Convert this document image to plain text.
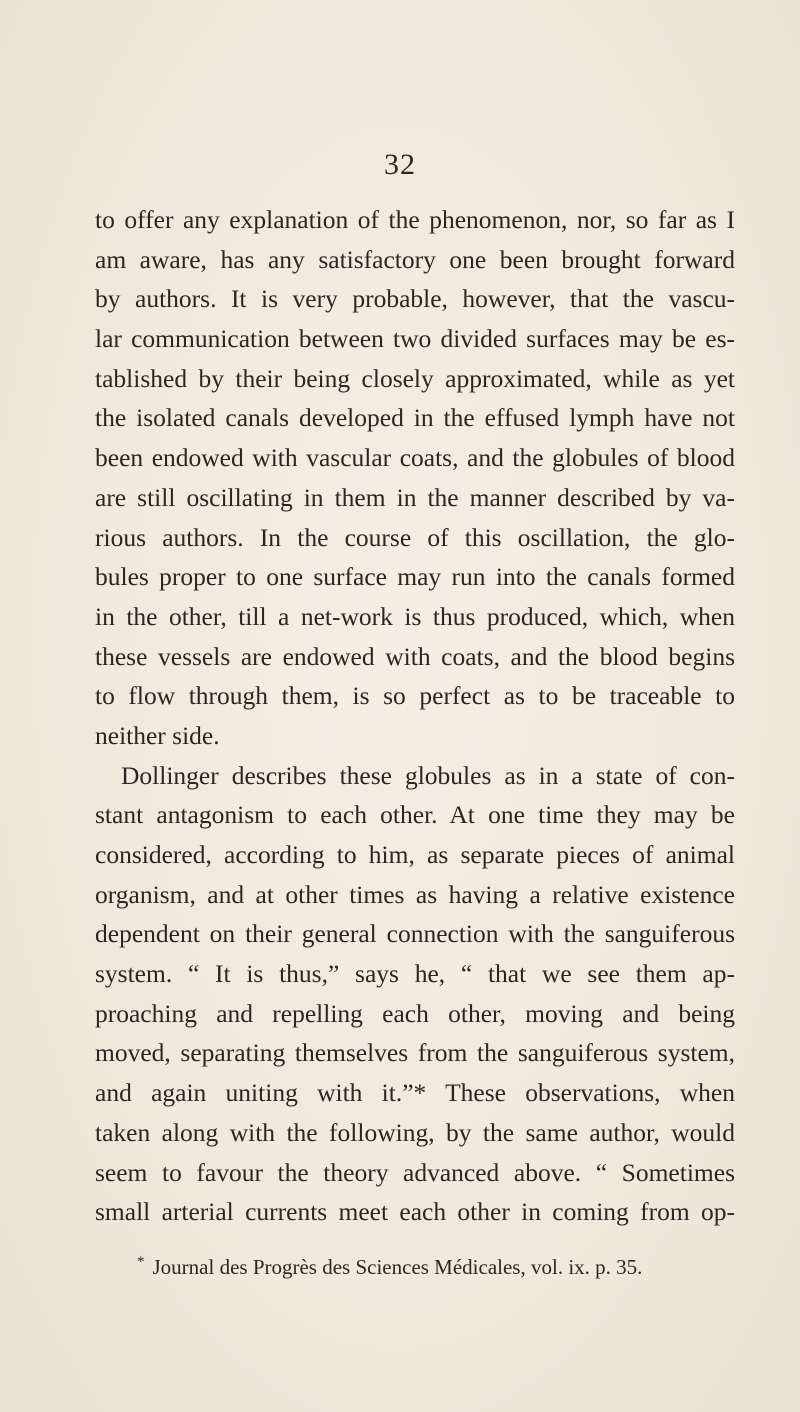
32
to offer any explanation of the phenomenon, nor, so far as I
am aware, has any satisfactory one been brought forward
by authors. It is very probable, however, that the vascu-
lar communication between two divided surfaces may be es-
tablished by their being closely approximated, while as yet
the isolated canals developed in the effused lymph have not
been endowed with vascular coats, and the globules of blood
are still oscillating in them in the manner described by va-
rious authors. In the course of this oscillation, the glo-
bules proper to one surface may run into the canals formed
in the other, till a net-work is thus produced, which, when
these vessels are endowed with coats, and the blood begins
to flow through them, is so perfect as to be traceable to
neither side.
Dollinger describes these globules as in a state of con-
stant antagonism to each other. At one time they may be
considered, according to him, as separate pieces of animal
organism, and at other times as having a relative existence
dependent on their general connection with the sanguiferous
system. “ It is thus,” says he, “ that we see them ap-
proaching and repelling each other, moving and being
moved, separating themselves from the sanguiferous system,
and again uniting with it.”* These observations, when
taken along with the following, by the same author, would
seem to favour the theory advanced above. “ Sometimes
small arterial currents meet each other in coming from op-
* Journal des Progrès des Sciences Médicales, vol. ix. p. 35.
